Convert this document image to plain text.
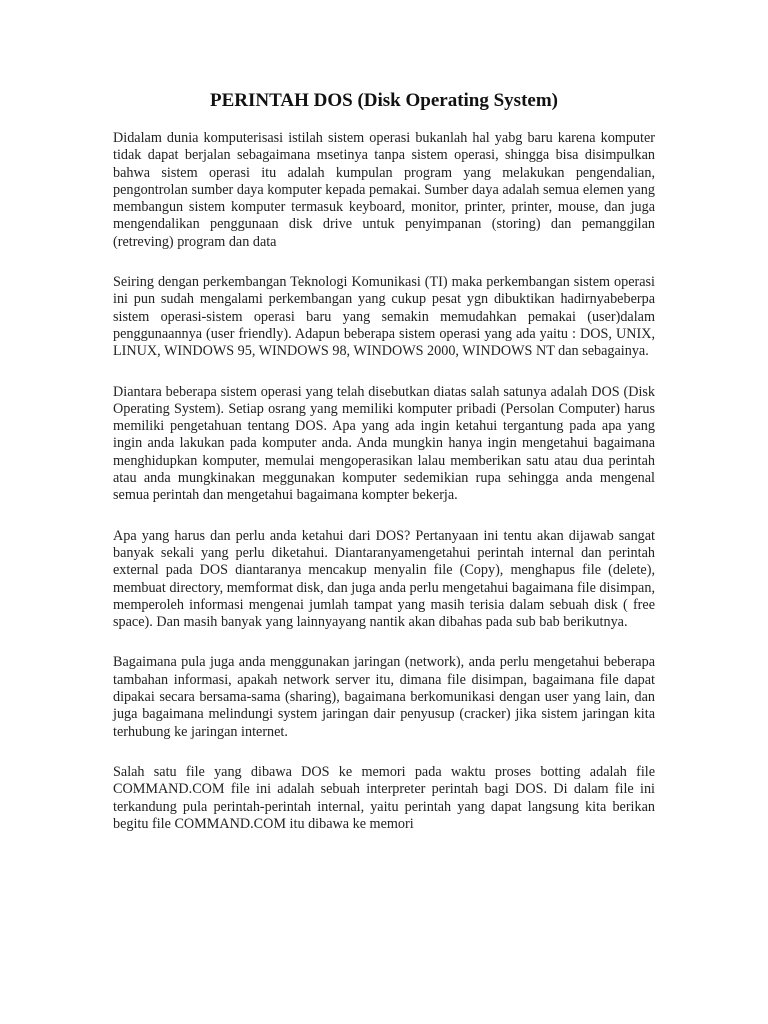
PERINTAH DOS (Disk Operating System)

Didalam dunia komputerisasi istilah sistem operasi bukanlah hal yabg baru karena komputer tidak dapat berjalan sebagaimana msetinya tanpa sistem operasi, shingga bisa disimpulkan bahwa sistem operasi itu adalah kumpulan program yang melakukan pengendalian, pengontrolan sumber daya komputer kepada pemakai. Sumber daya adalah semua elemen yang membangun sistem komputer termasuk keyboard, monitor, printer, printer, mouse, dan juga mengendalikan penggunaan disk drive untuk penyimpanan (storing) dan pemanggilan (retreving) program dan data

Seiring dengan perkembangan Teknologi Komunikasi (TI) maka perkembangan sistem operasi ini pun sudah mengalami perkembangan yang cukup pesat ygn dibuktikan hadirnyabeberpa sistem operasi-sistem operasi baru yang semakin memudahkan pemakai (user)dalam penggunaannya (user friendly). Adapun beberapa sistem operasi yang ada yaitu : DOS, UNIX, LINUX, WINDOWS 95, WINDOWS 98, WINDOWS 2000, WINDOWS NT dan sebagainya.

Diantara beberapa sistem operasi yang telah disebutkan diatas salah satunya adalah DOS (Disk Operating System). Setiap osrang yang memiliki komputer pribadi (Persolan Computer) harus memiliki pengetahuan tentang DOS. Apa yang ada ingin ketahui tergantung pada apa yang ingin anda lakukan pada komputer anda. Anda mungkin hanya ingin mengetahui bagaimana menghidupkan komputer, memulai mengoperasikan lalau memberikan satu atau dua perintah atau anda mungkinakan meggunakan komputer sedemikian rupa sehingga anda mengenal semua perintah dan mengetahui bagaimana kompter bekerja.

Apa yang harus dan perlu anda ketahui dari DOS? Pertanyaan ini tentu akan dijawab sangat banyak sekali yang perlu diketahui. Diantaranyamengetahui perintah internal dan perintah external pada DOS diantaranya mencakup menyalin file (Copy), menghapus file (delete), membuat directory, memformat disk, dan juga anda perlu mengetahui bagaimana file disimpan, memperoleh informasi mengenai jumlah tampat yang masih terisia dalam sebuah disk ( free space). Dan masih banyak yang lainnyayang nantik akan dibahas pada sub bab berikutnya.

Bagaimana pula juga anda menggunakan jaringan (network), anda perlu mengetahui beberapa tambahan informasi, apakah network server itu, dimana file disimpan, bagaimana file dapat dipakai secara bersama-sama (sharing), bagaimana berkomunikasi dengan user yang lain, dan juga bagaimana melindungi system jaringan dair penyusup (cracker) jika sistem jaringan kita terhubung ke jaringan internet.

Salah satu file yang dibawa DOS ke memori pada waktu proses botting adalah file COMMAND.COM file ini adalah sebuah interpreter perintah bagi DOS. Di dalam file ini terkandung pula perintah-perintah internal, yaitu perintah yang dapat langsung kita berikan begitu file COMMAND.COM itu dibawa ke memori
